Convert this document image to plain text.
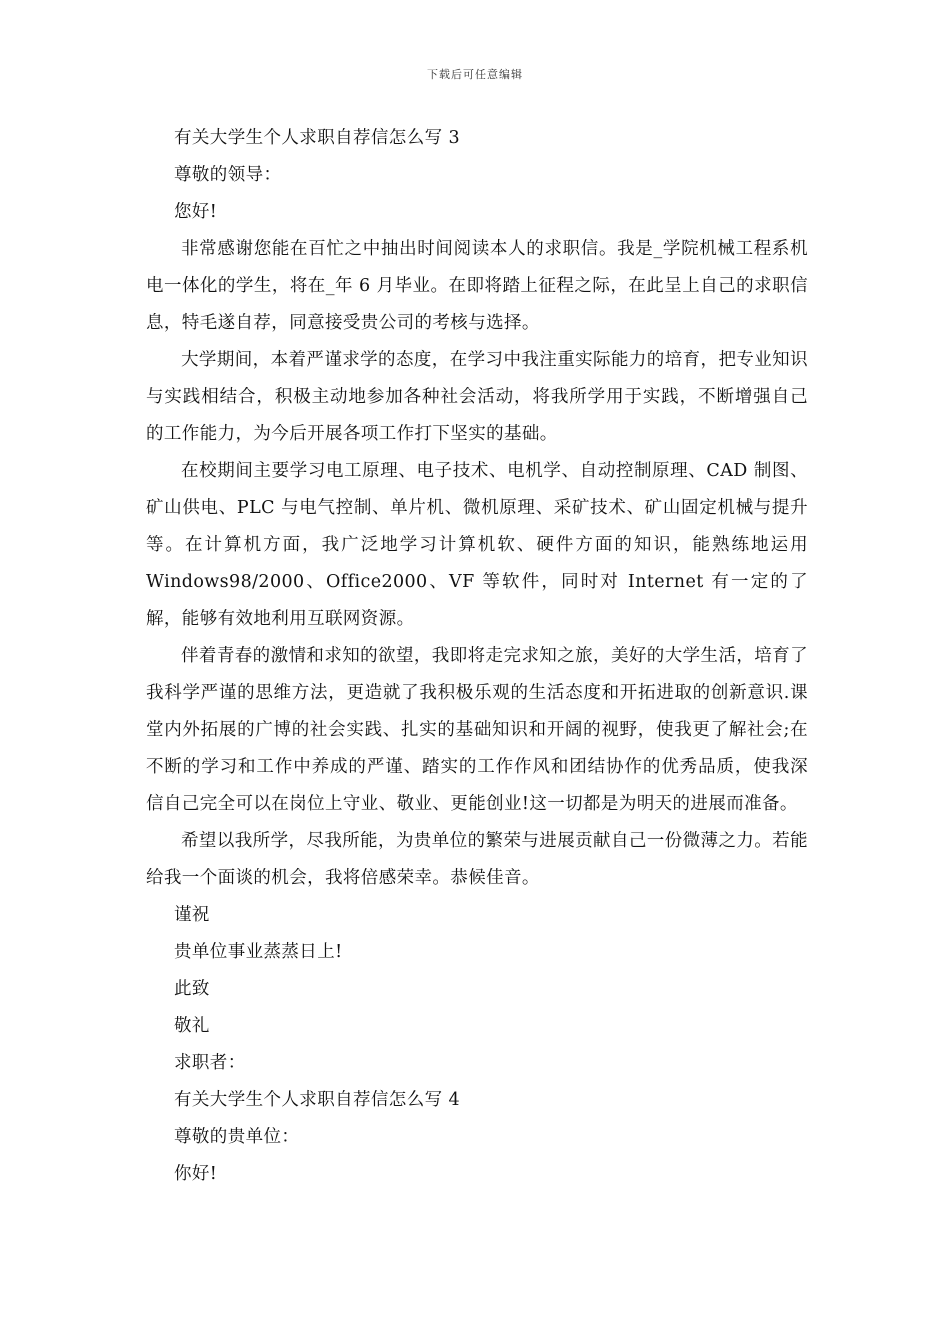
下载后可任意编辑

有关大学生个人求职自荐信怎么写 3

尊敬的领导：

您好!

非常感谢您能在百忙之中抽出时间阅读本人的求职信。我是_学院机械工程系机电一体化的学生，将在_年 6 月毕业。在即将踏上征程之际，在此呈上自己的求职信息，特毛遂自荐，同意接受贵公司的考核与选择。

大学期间，本着严谨求学的态度，在学习中我注重实际能力的培育，把专业知识与实践相结合，积极主动地参加各种社会活动，将我所学用于实践，不断增强自己的工作能力，为今后开展各项工作打下坚实的基础。

在校期间主要学习电工原理、电子技术、电机学、自动控制原理、CAD 制图、矿山供电、PLC 与电气控制、单片机、微机原理、采矿技术、矿山固定机械与提升等。在计算机方面，我广泛地学习计算机软、硬件方面的知识，能熟练地运用 Windows98/2000、Office2000、VF 等软件，同时对 Internet 有一定的了解，能够有效地利用互联网资源。

伴着青春的激情和求知的欲望，我即将走完求知之旅，美好的大学生活，培育了我科学严谨的思维方法，更造就了我积极乐观的生活态度和开拓进取的创新意识.课堂内外拓展的广博的社会实践、扎实的基础知识和开阔的视野，使我更了解社会;在不断的学习和工作中养成的严谨、踏实的工作作风和团结协作的优秀品质，使我深信自己完全可以在岗位上守业、敬业、更能创业!这一切都是为明天的进展而准备。

希望以我所学，尽我所能，为贵单位的繁荣与进展贡献自己一份微薄之力。若能给我一个面谈的机会，我将倍感荣幸。恭候佳音。

谨祝

贵单位事业蒸蒸日上!

此致

敬礼

求职者：

有关大学生个人求职自荐信怎么写 4

尊敬的贵单位：

你好!
